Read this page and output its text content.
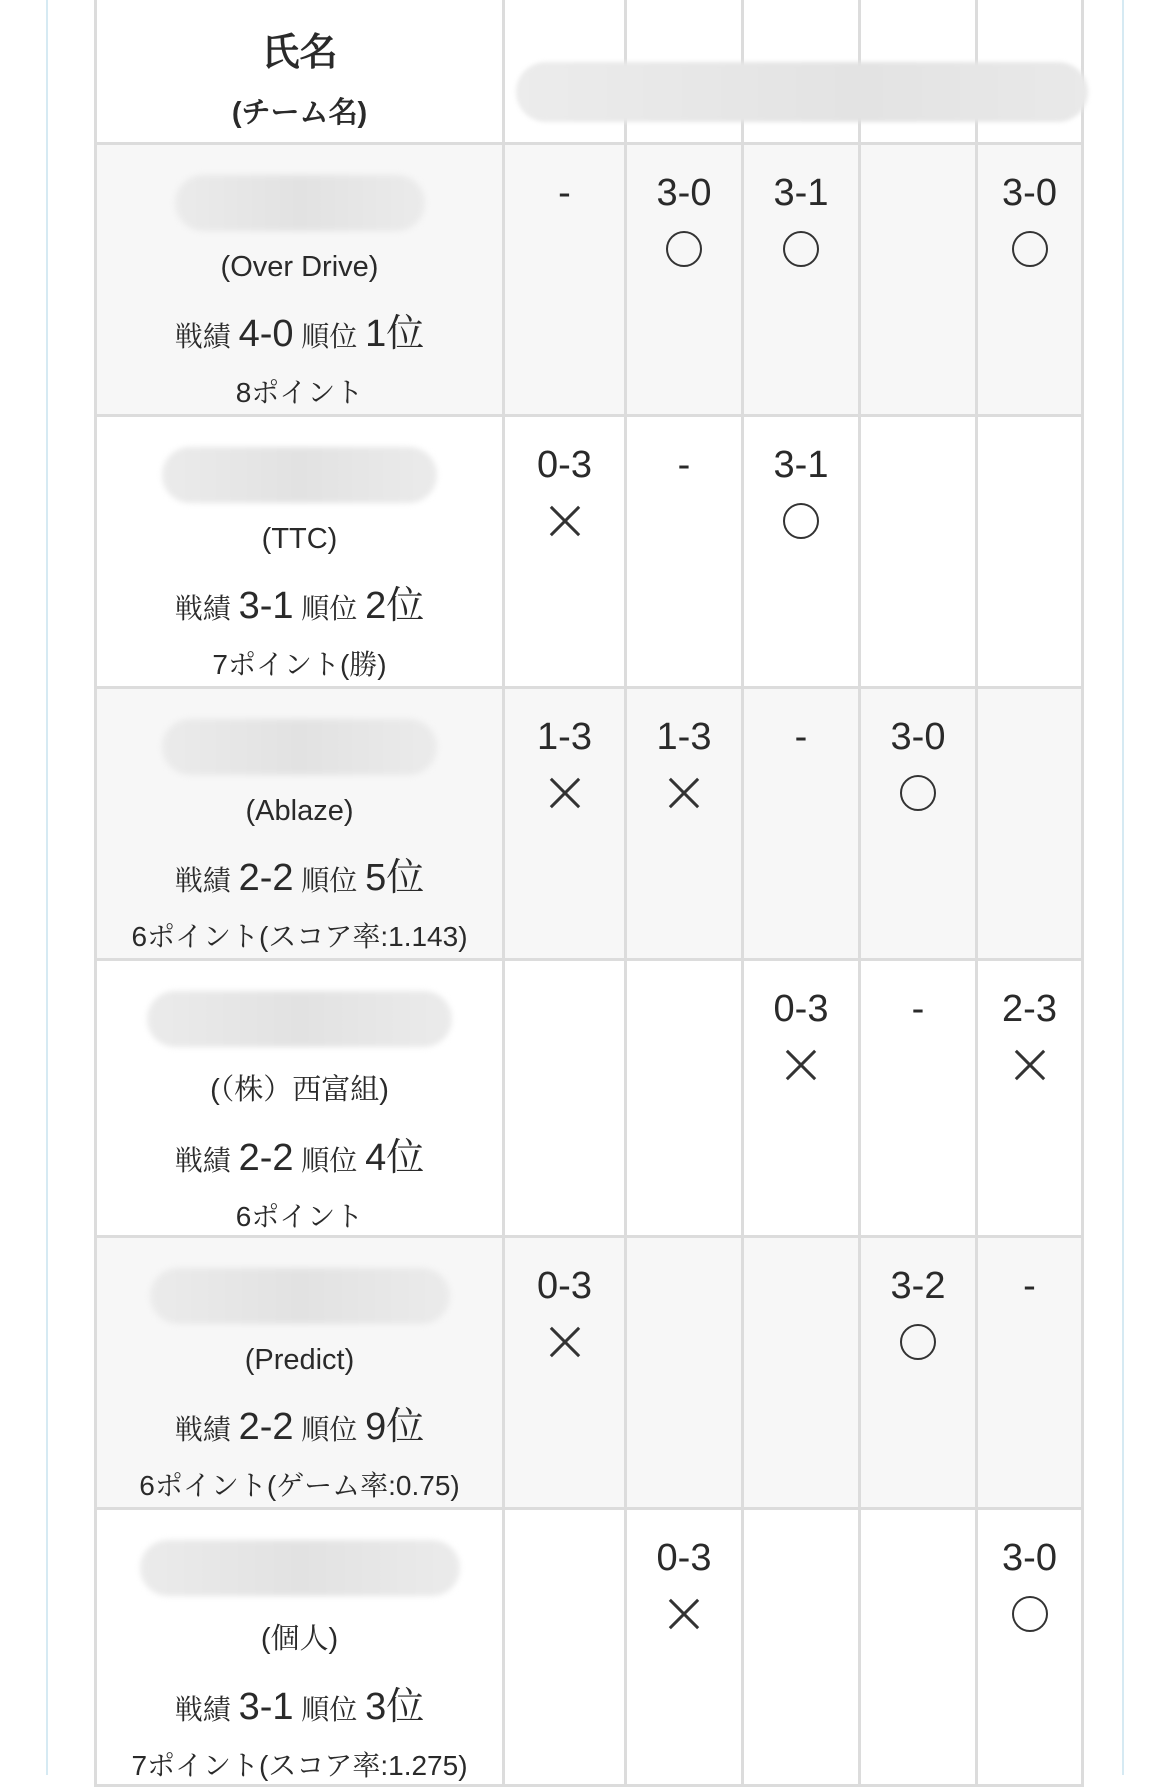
氏名
(チーム名)					

(Over Drive)
戦績 4-0 順位 1位
8ポイント	-	3-0	3-1		3-0

(TTC)
戦績 3-1 順位 2位
7ポイント(勝)	0-3	-	3-1		

(Ablaze)
戦績 2-2 順位 5位
6ポイント(スコア率:1.143)	1-3	1-3	-	3-0	

(（株）西富組)
戦績 2-2 順位 4位
6ポイント			0-3	-	2-3

(Predict)
戦績 2-2 順位 9位
6ポイント(ゲーム率:0.75)	0-3			3-2	-

(個人)
戦績 3-1 順位 3位
7ポイント(スコア率:1.275)		0-3			3-0
